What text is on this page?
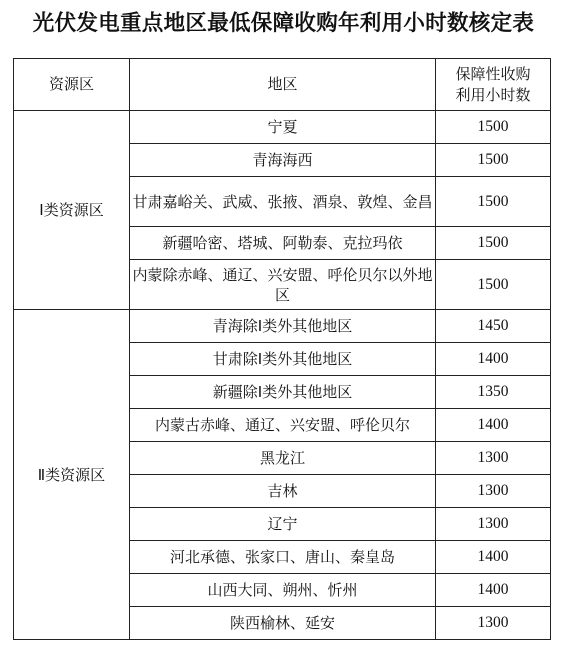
光伏发电重点地区最低保障收购年利用小时数核定表
资源区	地区	保障性收购
利用小时数

Ⅰ类资源区	宁夏	1500
	青海海西	1500
	甘肃嘉峪关、武威、张掖、酒泉、敦煌、金昌	1500
	新疆哈密、塔城、阿勒泰、克拉玛依	1500
	内蒙除赤峰、通辽、兴安盟、呼伦贝尔以外地区	1500
Ⅱ类资源区	青海除Ⅰ类外其他地区	1450
	甘肃除Ⅰ类外其他地区	1400
	新疆除Ⅰ类外其他地区	1350
	内蒙古赤峰、通辽、兴安盟、呼伦贝尔	1400
	黑龙江	1300
	吉林	1300
	辽宁	1300
	河北承德、张家口、唐山、秦皇岛	1400
	山西大同、朔州、忻州	1400
	陕西榆林、延安	1300
